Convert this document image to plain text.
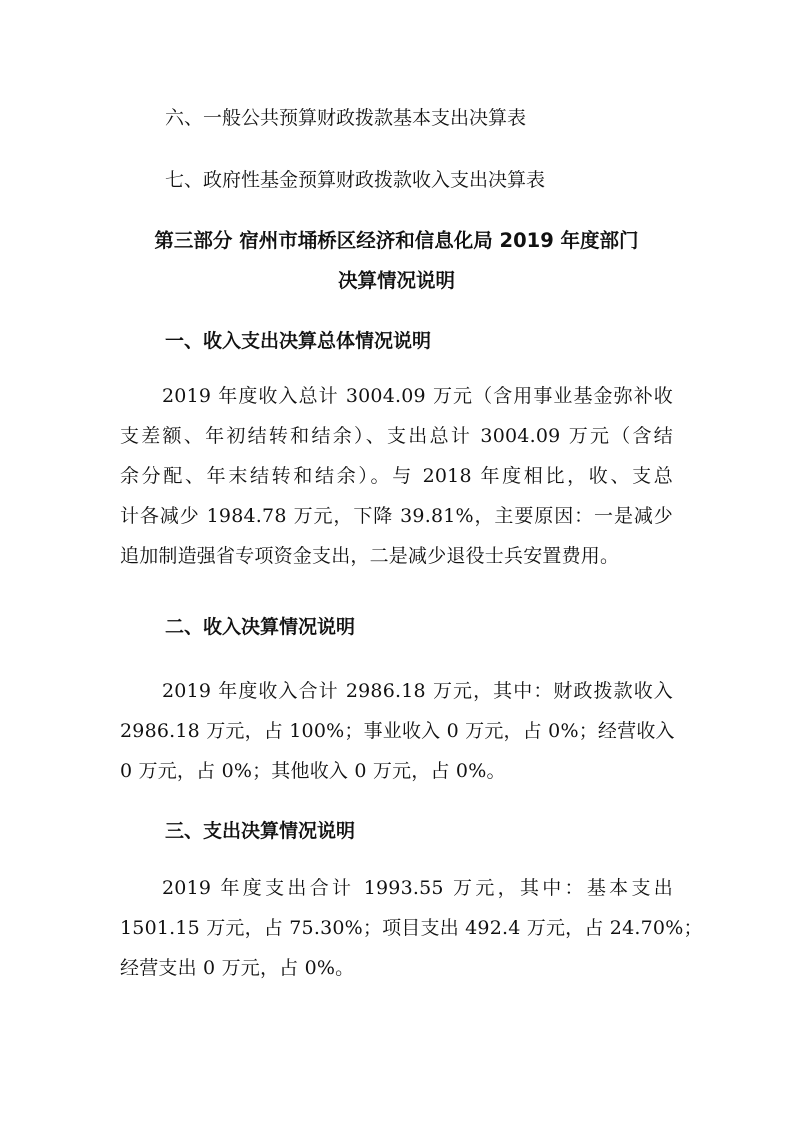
六、一般公共预算财政拨款基本支出决算表
七、政府性基金预算财政拨款收入支出决算表
第三部分 宿州市埇桥区经济和信息化局 2019 年度部门
决算情况说明
一、收入支出决算总体情况说明
2019 年度收入总计 3004.09 万元（含用事业基金弥补收
支差额、年初结转和结余）、支出总计 3004.09 万元（含结
余分配、年末结转和结余）。与 2018 年度相比，收、支总
计各减少 1984.78 万元，下降 39.81%，主要原因：一是减少
追加制造强省专项资金支出，二是减少退役士兵安置费用。
二、收入决算情况说明
2019 年度收入合计 2986.18 万元，其中：财政拨款收入
2986.18 万元，占 100%；事业收入 0 万元，占 0%；经营收入
0 万元，占 0%；其他收入 0 万元，占 0%。
三、支出决算情况说明
2019 年度支出合计 1993.55 万元，其中：基本支出
1501.15 万元，占 75.30%；项目支出 492.4 万元，占 24.70%；
经营支出 0 万元，占 0%。
